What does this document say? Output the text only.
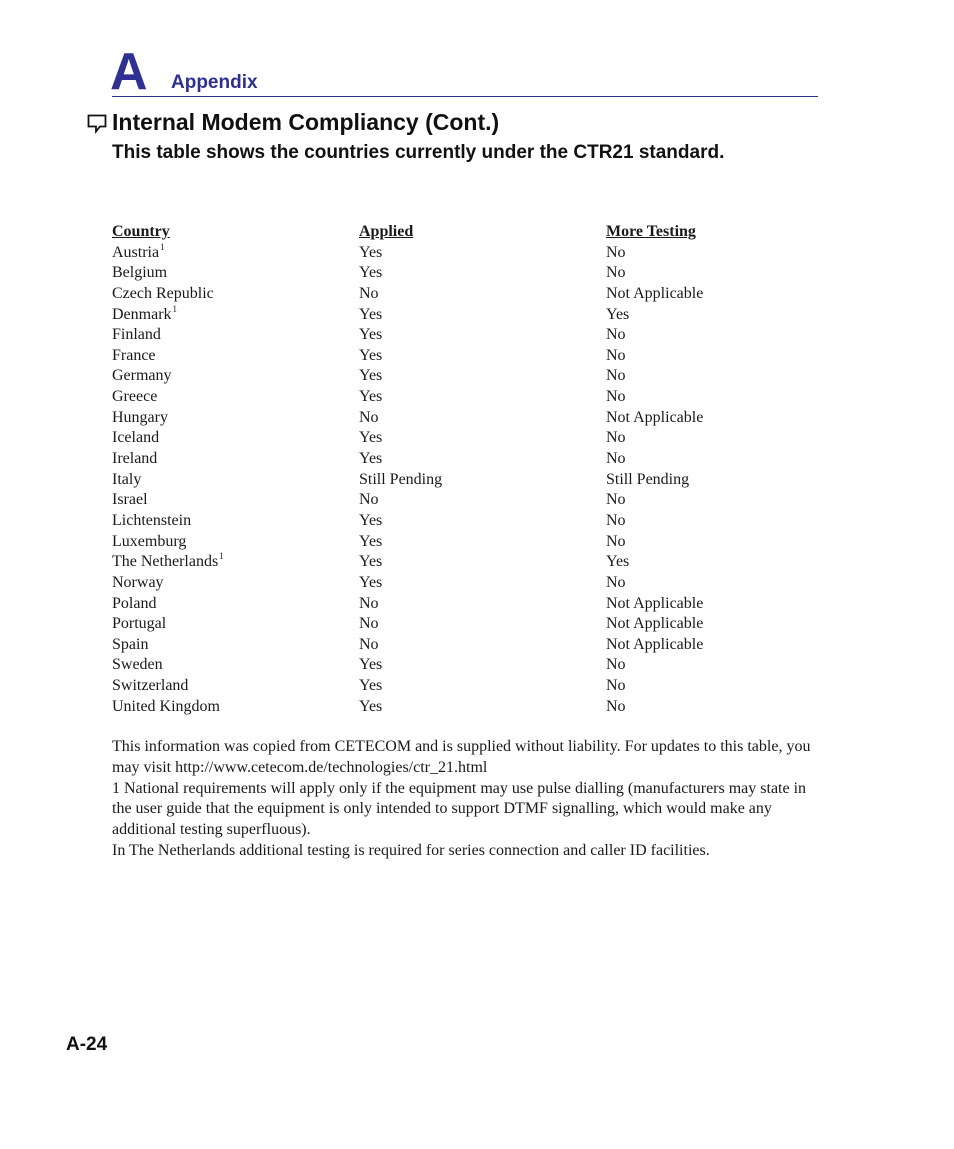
A Appendix
Internal Modem Compliancy (Cont.)
This table shows the countries currently under the CTR21 standard.
Country	Applied	More Testing
Austria$^1$	Yes	No
Belgium	Yes	No
Czech Republic	No	Not Applicable
Denmark$^1$	Yes	Yes
Finland	Yes	No
France	Yes	No
Germany	Yes	No
Greece	Yes	No
Hungary	No	Not Applicable
Iceland	Yes	No
Ireland	Yes	No
Italy	Still Pending	Still Pending
Israel	No	No
Lichtenstein	Yes	No
Luxemburg	Yes	No
The Netherlands$^1$	Yes	Yes
Norway	Yes	No
Poland	No	Not Applicable
Portugal	No	Not Applicable
Spain	No	Not Applicable
Sweden	Yes	No
Switzerland	Yes	No
United Kingdom	Yes	No

This information was copied from CETECOM and is supplied without liability. For updates to this table, you may visit http://www.cetecom.de/technologies/ctr_21.html

1 National requirements will apply only if the equipment may use pulse dialling (manufacturers may state in the user guide that the equipment is only intended to support DTMF signalling, which would make any additional testing superfluous).

In The Netherlands additional testing is required for series connection and caller ID facilities.

A-24
